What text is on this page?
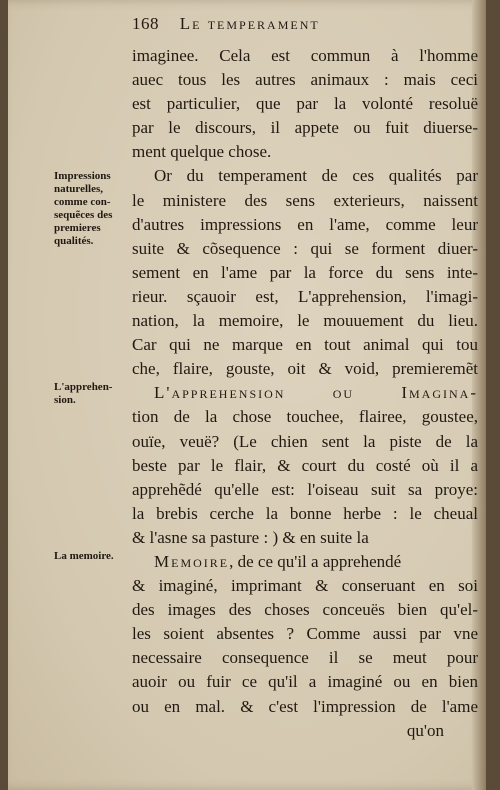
168 Le temperament
Impressions
naturelles,
comme con-
sequẽces des
premieres
qualités.
L'apprehen-
sion.
La memoire.
imaginee. Cela est commun à l'homme
auec tous les autres animaux : mais ceci
est particulier, que par la volonté resoluë
par le discours, il appete ou fuit diuerse-
ment quelque chose.
Or du temperament de ces qualités par
le ministere des sens exterieurs, naissent
d'autres impressions en l'ame, comme leur
suite & cõsequence : qui se forment diuer-
sement en l'ame par la force du sens inte-
rieur. sçauoir est, L'apprehension, l'imagi-
nation, la memoire, le mouuement du lieu.
Car qui ne marque en tout animal qui tou
che, flaire, gouste, oit & void, premieremẽt
L'apprehension ou Imagina-
tion de la chose touchee, flairee, goustee,
ouïe, veuë? (Le chien sent la piste de la
beste par le flair, & court du costé où il a
apprehẽdé qu'elle est: l'oiseau suit sa proye:
la brebis cerche la bonne herbe : le cheual
& l'asne sa pasture : ) & en suite la
Memoire, de ce qu'il a apprehendé
& imaginé, imprimant & conseruant en soi
des images des choses conceuës bien qu'el-
les soient absentes ? Comme aussi par vne
necessaire consequence il se meut pour
auoir ou fuir ce qu'il a imaginé ou en bien
ou en mal. & c'est l'impression de l'ame
qu'on
